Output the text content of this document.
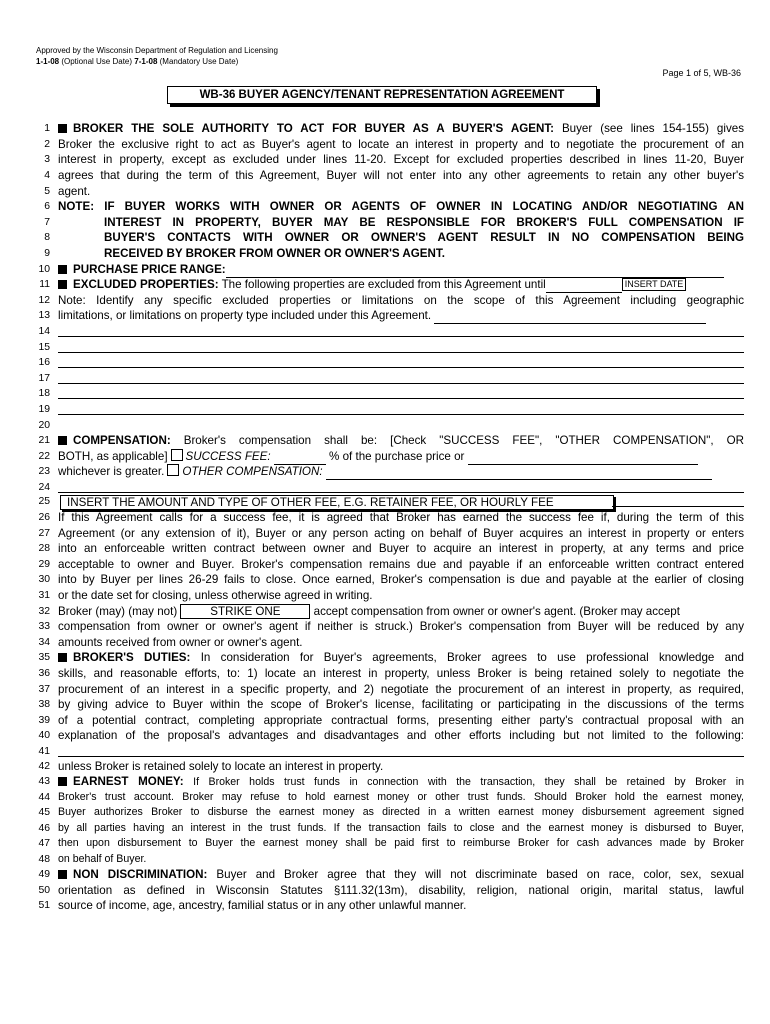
Approved by the Wisconsin Department of Regulation and Licensing
1-1-08 (Optional Use Date) 7-1-08 (Mandatory Use Date)
Page 1 of 5, WB-36
WB-36 BUYER AGENCY/TENANT REPRESENTATION AGREEMENT
1	BROKER THE SOLE AUTHORITY TO ACT FOR BUYER AS A BUYER'S AGENT: Buyer (see lines 154-155) gives
2 Broker the exclusive right to act as Buyer's agent to locate an interest in property and to negotiate the procurement of an
3 interest in property, except as excluded under lines 11-20. Except for excluded properties described in lines 11-20, Buyer
4 agrees that during the term of this Agreement, Buyer will not enter into any other agreements to retain any other buyer's
5 agent.
6 NOTE: IF BUYER WORKS WITH OWNER OR AGENTS OF OWNER IN LOCATING AND/OR NEGOTIATING AN
7	INTEREST IN PROPERTY, BUYER MAY BE RESPONSIBLE FOR BROKER'S FULL COMPENSATION IF
8	BUYER'S CONTACTS WITH OWNER OR OWNER'S AGENT RESULT IN NO COMPENSATION BEING
9	RECEIVED BY BROKER FROM OWNER OR OWNER'S AGENT.
10	PURCHASE PRICE RANGE:
11	EXCLUDED PROPERTIES: The following properties are excluded from this Agreement until	INSERT DATE
12 Note: Identify any specific excluded properties or limitations on the scope of this Agreement including geographic
13 limitations, or limitations on property type included under this Agreement.
14
15
16
17
18
19
20
21	COMPENSATION: Broker's compensation shall be: [Check "SUCCESS FEE", "OTHER COMPENSATION", OR
22 BOTH, as applicable] SUCCESS FEE:	% of the purchase price or
23 whichever is greater. OTHER COMPENSATION:
24
25	INSERT THE AMOUNT AND TYPE OF OTHER FEE, E.G. RETAINER FEE, OR HOURLY FEE
26 If this Agreement calls for a success fee, it is agreed that Broker has earned the success fee if, during the term of this
27 Agreement (or any extension of it), Buyer or any person acting on behalf of Buyer acquires an interest in property or enters
28 into an enforceable written contract between owner and Buyer to acquire an interest in property, at any terms and price
29 acceptable to owner and Buyer. Broker's compensation remains due and payable if an enforceable written contract entered
30 into by Buyer per lines 26-29 fails to close. Once earned, Broker's compensation is due and payable at the earlier of closing
31 or the date set for closing, unless otherwise agreed in writing.
32 Broker (may) (may not)	STRIKE ONE	accept compensation from owner or owner's agent. (Broker may accept
33 compensation from owner or owner's agent if neither is struck.) Broker's compensation from Buyer will be reduced by any
34 amounts received from owner or owner's agent.
35	BROKER'S DUTIES: In consideration for Buyer's agreements, Broker agrees to use professional knowledge and
36 skills, and reasonable efforts, to: 1) locate an interest in property, unless Broker is being retained solely to negotiate the
37 procurement of an interest in a specific property, and 2) negotiate the procurement of an interest in property, as required,
38 by giving advice to Buyer within the scope of Broker's license, facilitating or participating in the discussions of the terms
39 of a potential contract, completing appropriate contractual forms, presenting either party's contractual proposal with an
40 explanation of the proposal's advantages and disadvantages and other efforts including but not limited to the following:
41
42 unless Broker is retained solely to locate an interest in property.
43	EARNEST MONEY: If Broker holds trust funds in connection with the transaction, they shall be retained by Broker in
44 Broker's trust account. Broker may refuse to hold earnest money or other trust funds. Should Broker hold the earnest money,
45 Buyer authorizes Broker to disburse the earnest money as directed in a written earnest money disbursement agreement signed
46 by all parties having an interest in the trust funds. If the transaction fails to close and the earnest money is disbursed to Buyer,
47 then upon disbursement to Buyer the earnest money shall be paid first to reimburse Broker for cash advances made by Broker
48 on behalf of Buyer.
49	NON DISCRIMINATION: Buyer and Broker agree that they will not discriminate based on race, color, sex, sexual
50 orientation as defined in Wisconsin Statutes §111.32(13m), disability, religion, national origin, marital status, lawful
51 source of income, age, ancestry, familial status or in any other unlawful manner.
